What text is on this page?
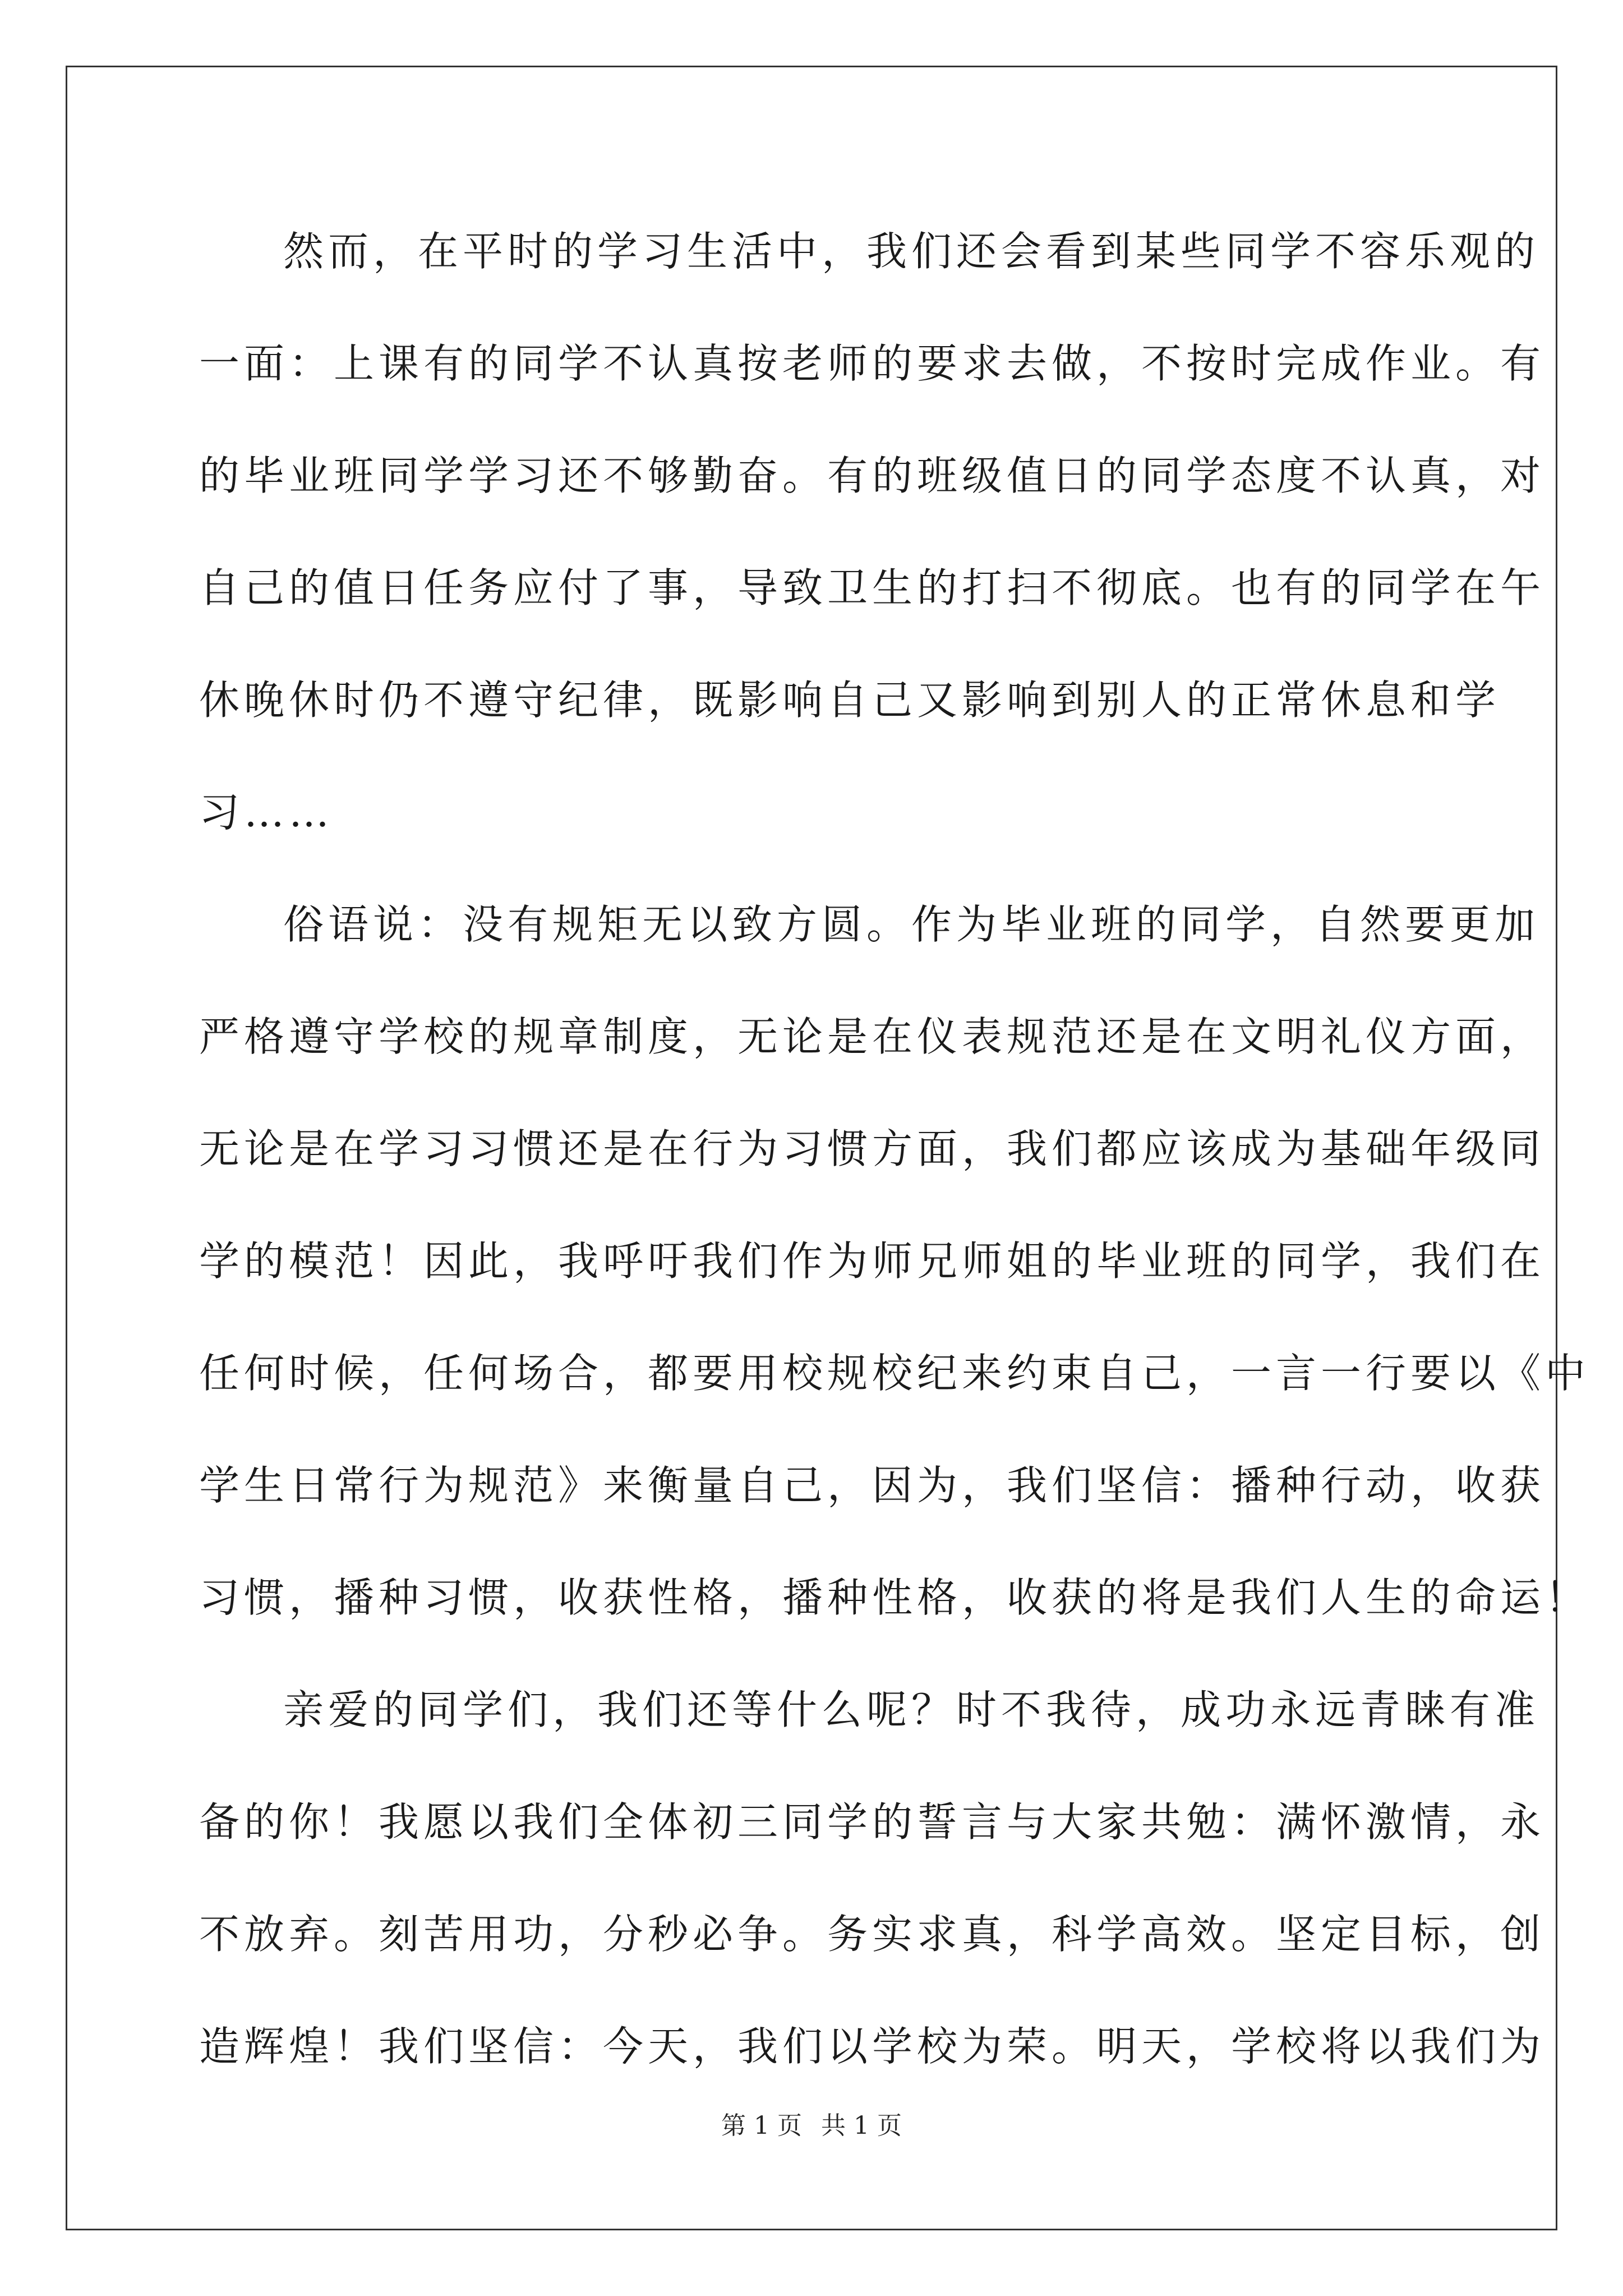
然而，在平时的学习生活中，我们还会看到某些同学不容乐观的
一面：上课有的同学不认真按老师的要求去做，不按时完成作业。有
的毕业班同学学习还不够勤奋。有的班级值日的同学态度不认真，对
自己的值日任务应付了事，导致卫生的打扫不彻底。也有的同学在午
休晚休时仍不遵守纪律，既影响自己又影响到别人的正常休息和学
习……
俗语说：没有规矩无以致方圆。作为毕业班的同学，自然要更加
严格遵守学校的规章制度，无论是在仪表规范还是在文明礼仪方面，
无论是在学习习惯还是在行为习惯方面，我们都应该成为基础年级同
学的模范！因此，我呼吁我们作为师兄师姐的毕业班的同学，我们在
任何时候，任何场合，都要用校规校纪来约束自己，一言一行要以《中
学生日常行为规范》来衡量自己，因为，我们坚信：播种行动，收获
习惯，播种习惯，收获性格，播种性格，收获的将是我们人生的命运！
亲爱的同学们，我们还等什么呢？时不我待，成功永远青睐有准
备的你！我愿以我们全体初三同学的誓言与大家共勉：满怀激情，永
不放弃。刻苦用功，分秒必争。务实求真，科学高效。坚定目标，创
造辉煌！我们坚信：今天，我们以学校为荣。明天，学校将以我们为
第 1 页 共 1 页
